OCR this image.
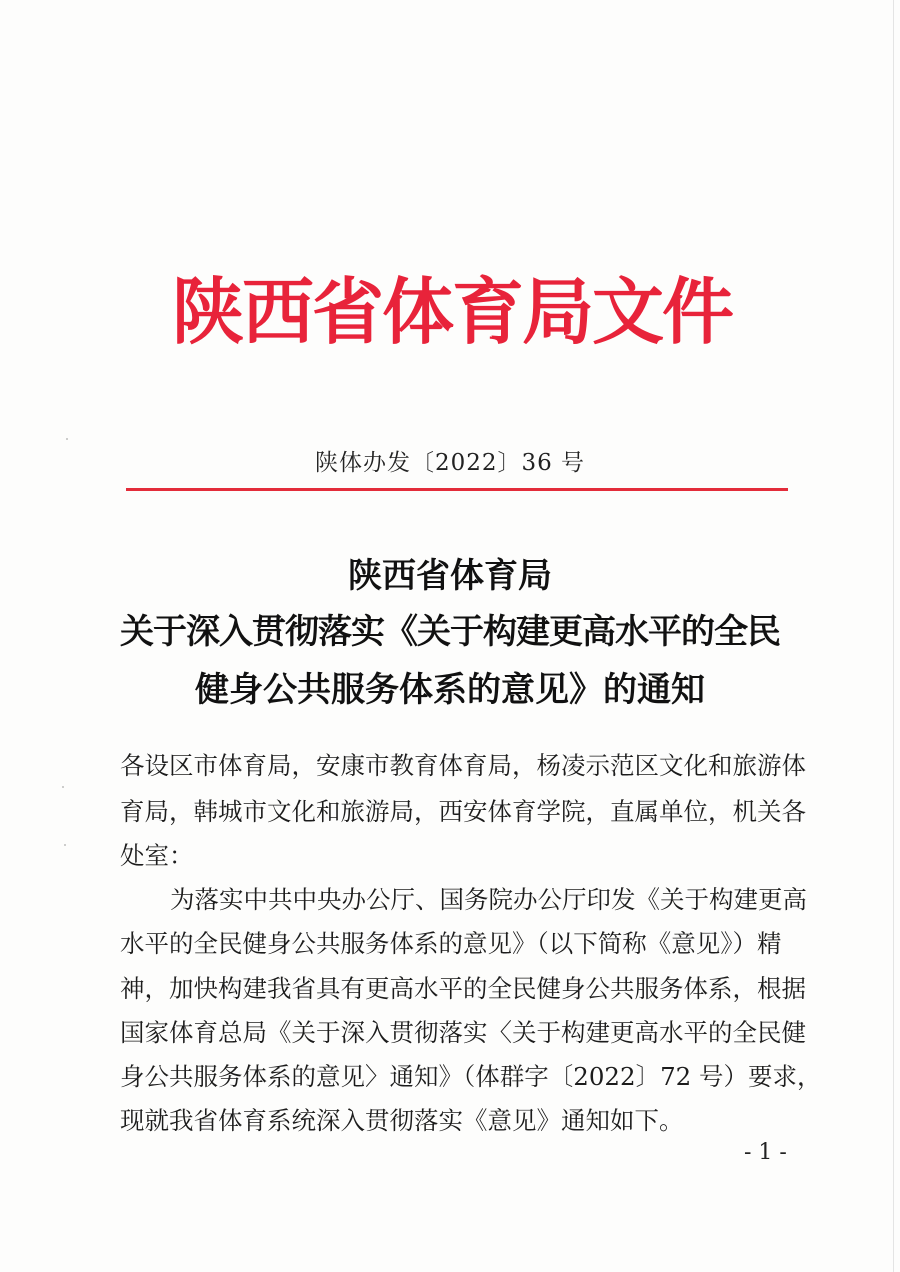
陕西省体育局文件
陕体办发〔2022〕36 号
陕西省体育局
关于深入贯彻落实《关于构建更高水平的全民
健身公共服务体系的意见》的通知
各设区市体育局，安康市教育体育局，杨凌示范区文化和旅游体
育局，韩城市文化和旅游局，西安体育学院，直属单位，机关各
处室：
为落实中共中央办公厅、国务院办公厅印发《关于构建更高
水平的全民健身公共服务体系的意见》（以下简称《意见》）精
神，加快构建我省具有更高水平的全民健身公共服务体系，根据
国家体育总局《关于深入贯彻落实〈关于构建更高水平的全民健
身公共服务体系的意见〉通知》（体群字〔2022〕72 号）要求，
现就我省体育系统深入贯彻落实《意见》通知如下。
- 1 -
